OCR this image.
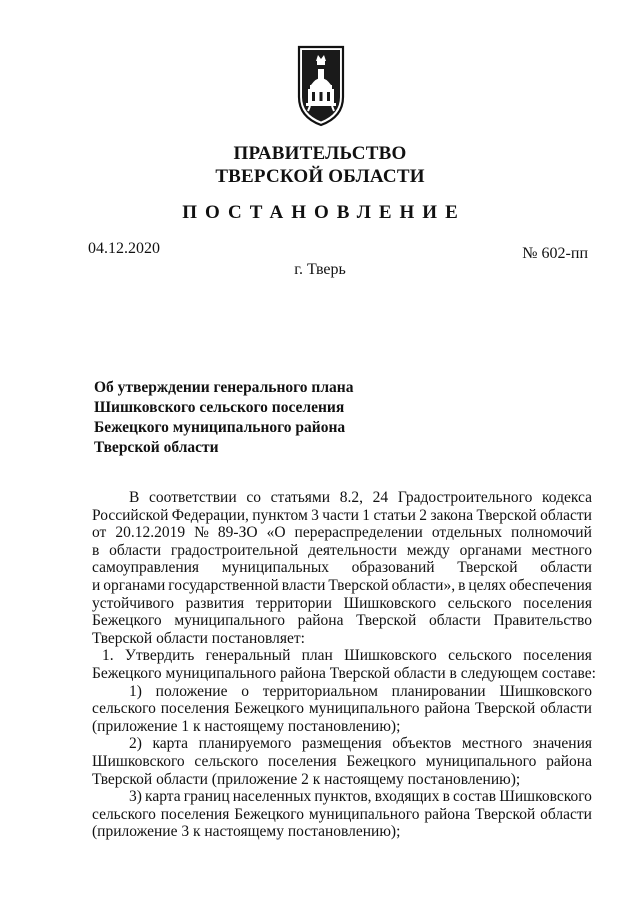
ПРАВИТЕЛЬСТВО
ТВЕРСКОЙ ОБЛАСТИ
ПОСТАНОВЛЕНИЕ
04.12.2020	№ 602-пп
г. Тверь
Об утверждении генерального плана
Шишковского сельского поселения
Бежецкого муниципального района
Тверской области
В соответствии со статьями 8.2, 24 Градостроительного кодекса
Российской Федерации, пунктом 3 части 1 статьи 2 закона Тверской области
от 20.12.2019 № 89-ЗО «О перераспределении отдельных полномочий
в области градостроительной деятельности между органами местного
самоуправления муниципальных образований Тверской области
и органами государственной власти Тверской области», в целях обеспечения
устойчивого развития территории Шишковского сельского поселения
Бежецкого муниципального района Тверской области Правительство
Тверской области постановляет:
1. Утвердить генеральный план Шишковского сельского поселения
Бежецкого муниципального района Тверской области в следующем составе:
1) положение о территориальном планировании Шишковского
сельского поселения Бежецкого муниципального района Тверской области
(приложение 1 к настоящему постановлению);
2) карта планируемого размещения объектов местного значения
Шишковского сельского поселения Бежецкого муниципального района
Тверской области (приложение 2 к настоящему постановлению);
3) карта границ населенных пунктов, входящих в состав Шишковского
сельского поселения Бежецкого муниципального района Тверской области
(приложение 3 к настоящему постановлению);
